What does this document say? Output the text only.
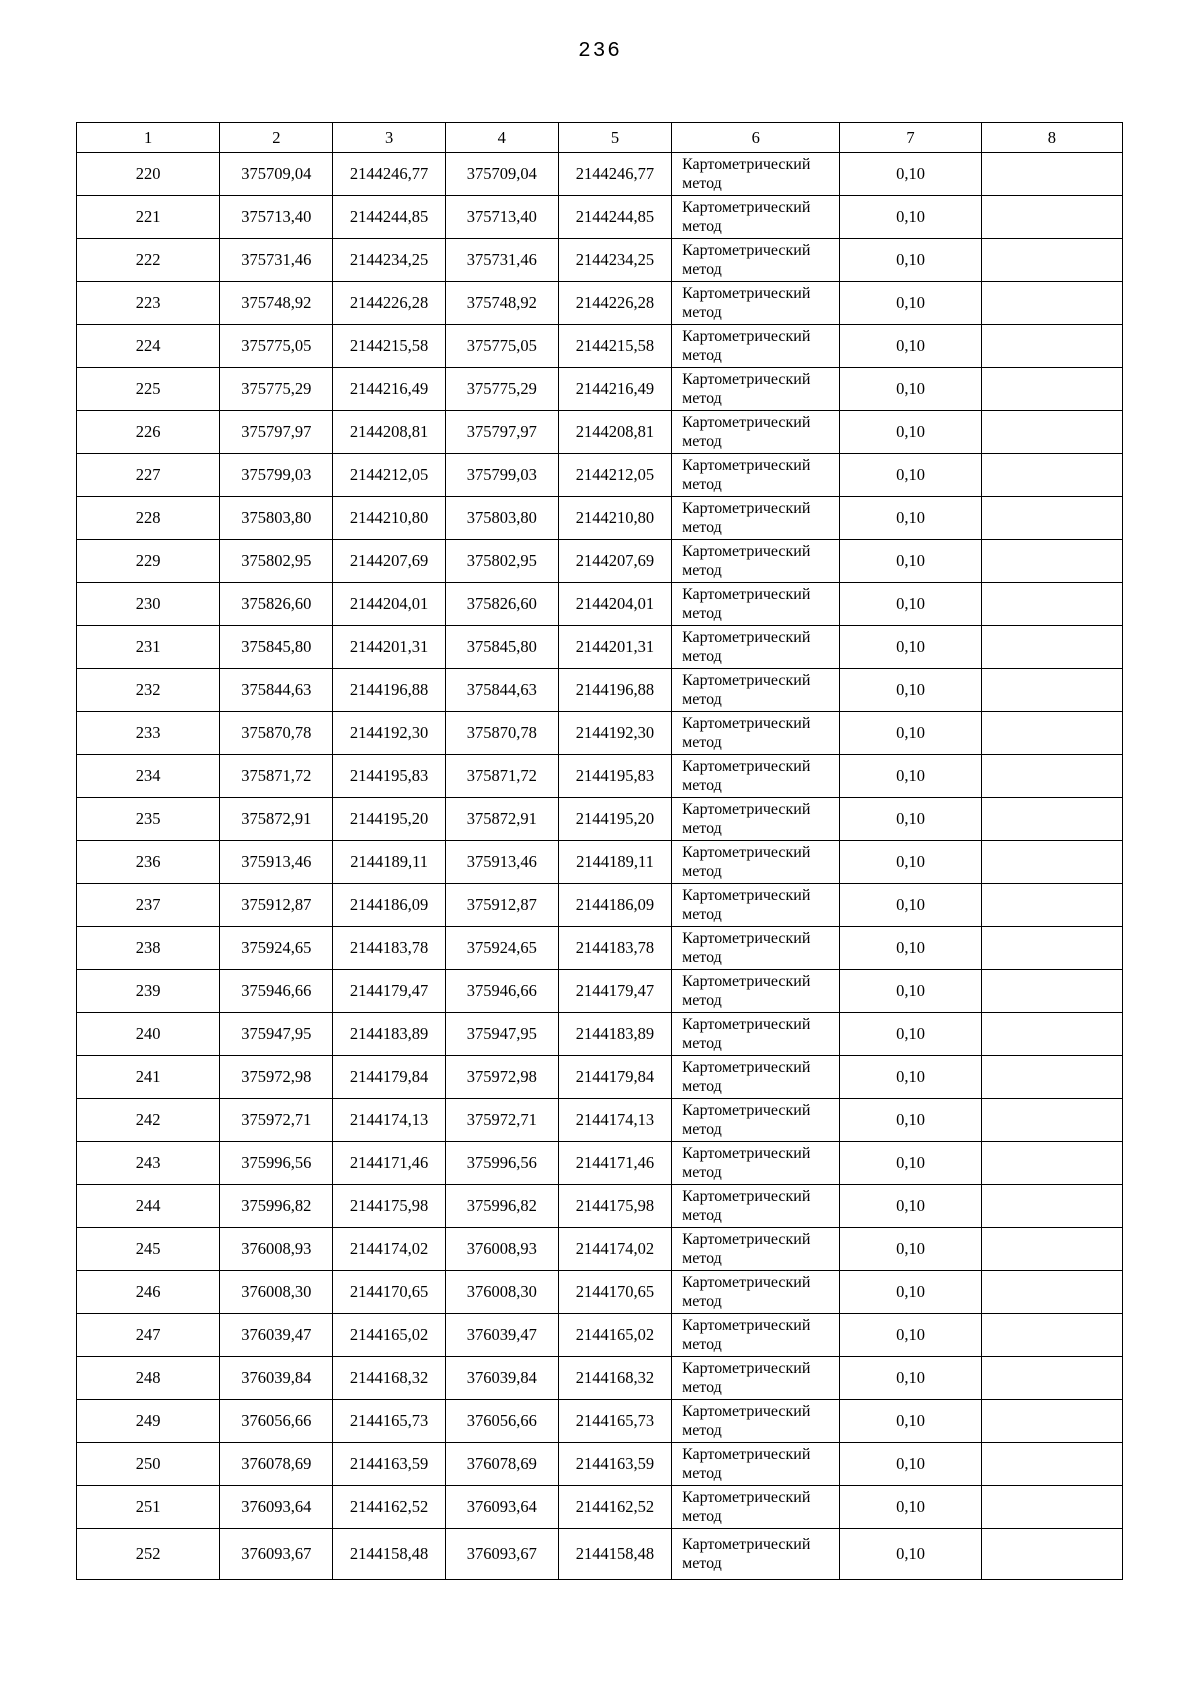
236
1	2	3	4	5	6	7	8
220	375709,04	2144246,77	375709,04	2144246,77	Картометрический метод	0,10	
221	375713,40	2144244,85	375713,40	2144244,85	Картометрический метод	0,10	
222	375731,46	2144234,25	375731,46	2144234,25	Картометрический метод	0,10	
223	375748,92	2144226,28	375748,92	2144226,28	Картометрический метод	0,10	
224	375775,05	2144215,58	375775,05	2144215,58	Картометрический метод	0,10	
225	375775,29	2144216,49	375775,29	2144216,49	Картометрический метод	0,10	
226	375797,97	2144208,81	375797,97	2144208,81	Картометрический метод	0,10	
227	375799,03	2144212,05	375799,03	2144212,05	Картометрический метод	0,10	
228	375803,80	2144210,80	375803,80	2144210,80	Картометрический метод	0,10	
229	375802,95	2144207,69	375802,95	2144207,69	Картометрический метод	0,10	
230	375826,60	2144204,01	375826,60	2144204,01	Картометрический метод	0,10	
231	375845,80	2144201,31	375845,80	2144201,31	Картометрический метод	0,10	
232	375844,63	2144196,88	375844,63	2144196,88	Картометрический метод	0,10	
233	375870,78	2144192,30	375870,78	2144192,30	Картометрический метод	0,10	
234	375871,72	2144195,83	375871,72	2144195,83	Картометрический метод	0,10	
235	375872,91	2144195,20	375872,91	2144195,20	Картометрический метод	0,10	
236	375913,46	2144189,11	375913,46	2144189,11	Картометрический метод	0,10	
237	375912,87	2144186,09	375912,87	2144186,09	Картометрический метод	0,10	
238	375924,65	2144183,78	375924,65	2144183,78	Картометрический метод	0,10	
239	375946,66	2144179,47	375946,66	2144179,47	Картометрический метод	0,10	
240	375947,95	2144183,89	375947,95	2144183,89	Картометрический метод	0,10	
241	375972,98	2144179,84	375972,98	2144179,84	Картометрический метод	0,10	
242	375972,71	2144174,13	375972,71	2144174,13	Картометрический метод	0,10	
243	375996,56	2144171,46	375996,56	2144171,46	Картометрический метод	0,10	
244	375996,82	2144175,98	375996,82	2144175,98	Картометрический метод	0,10	
245	376008,93	2144174,02	376008,93	2144174,02	Картометрический метод	0,10	
246	376008,30	2144170,65	376008,30	2144170,65	Картометрический метод	0,10	
247	376039,47	2144165,02	376039,47	2144165,02	Картометрический метод	0,10	
248	376039,84	2144168,32	376039,84	2144168,32	Картометрический метод	0,10	
249	376056,66	2144165,73	376056,66	2144165,73	Картометрический метод	0,10	
250	376078,69	2144163,59	376078,69	2144163,59	Картометрический метод	0,10	
251	376093,64	2144162,52	376093,64	2144162,52	Картометрический метод	0,10	
252	376093,67	2144158,48	376093,67	2144158,48	Картометрический метод	0,10	
